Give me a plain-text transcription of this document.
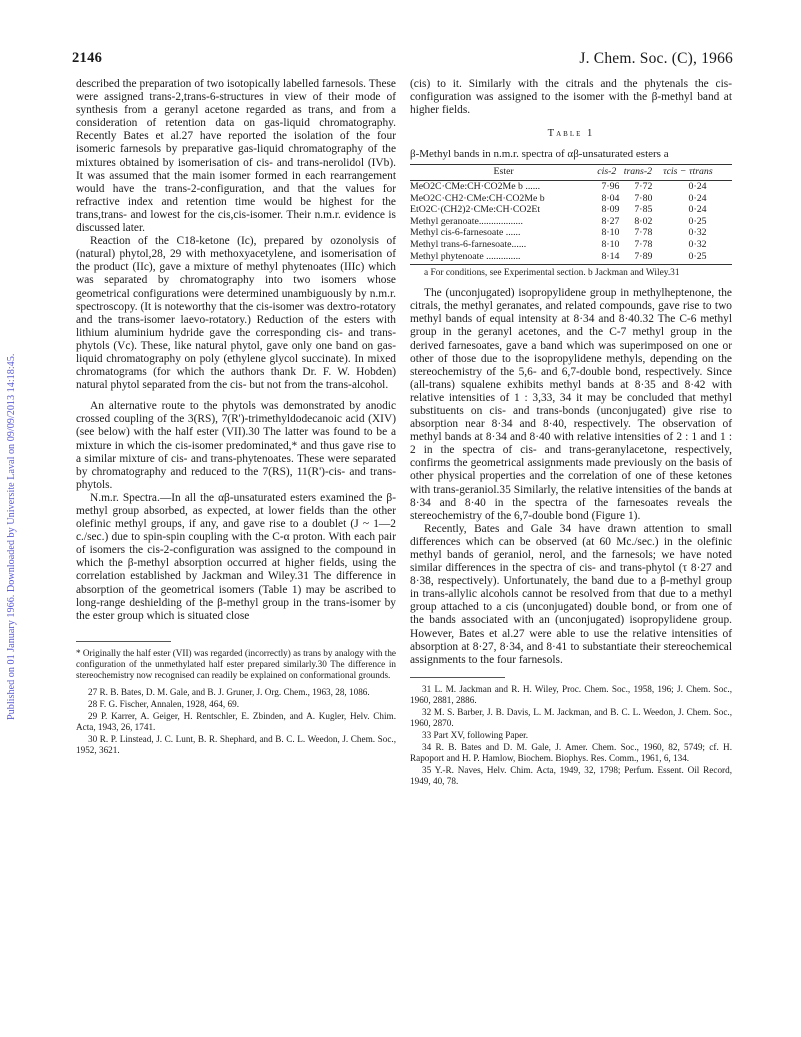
2146	J. Chem. Soc. (C), 1966
Published on 01 January 1966. Downloaded by Universite Laval on 09/09/2013 14:18:45.

described the preparation of two isotopically labelled farnesols. These were assigned trans-2,trans-6-structures in view of their mode of synthesis from a geranyl acetone regarded as trans, and from a consideration of retention data on gas-liquid chromatography. Recently Bates et al.27 have reported the isolation of the four isomeric farnesols by preparative gas-liquid chromatography of the mixtures obtained by isomerisation of cis- and trans-nerolidol (IVb). It was assumed that the main isomer formed in each rearrangement would have the trans-2-configuration, and that the values for refractive index and retention time would be highest for the trans,trans- and lowest for the cis,cis-isomer. Their n.m.r. evidence is discussed later.

Reaction of the C18-ketone (Ic), prepared by ozonolysis of (natural) phytol,28, 29 with methoxyacetylene, and isomerisation of the product (IIc), gave a mixture of methyl phytenoates (IIIc) which was separated by chromatography into two isomers whose geometrical configurations were determined unambiguously by n.m.r. spectroscopy. (It is noteworthy that the cis-isomer was dextro-rotatory and the trans-isomer laevo-rotatory.) Reduction of the esters with lithium aluminium hydride gave the corresponding cis- and trans-phytols (Vc). These, like natural phytol, gave only one band on gas-liquid chromatography on poly (ethylene glycol succinate). In mixed chromatograms (for which the authors thank Dr. F. W. Hobden) natural phytol separated from the cis- but not from the trans-alcohol.

An alternative route to the phytols was demonstrated by anodic crossed coupling of the 3(RS), 7(R')-trimethyldodecanoic acid (XIV) (see below) with the half ester (VII).30 The latter was found to be a mixture in which the cis-isomer predominated,* and thus gave rise to a similar mixture of cis- and trans-phytenoates. These were separated by chromatography and reduced to the 7(RS), 11(R')-cis- and trans-phytols.

N.m.r. Spectra.—In all the αβ-unsaturated esters examined the β-methyl group absorbed, as expected, at lower fields than the other olefinic methyl groups, if any, and gave rise to a doublet (J ~ 1—2 c./sec.) due to spin-spin coupling with the C-α proton. With each pair of isomers the cis-2-configuration was assigned to the compound in which the β-methyl absorption occurred at higher fields, using the correlation established by Jackman and Wiley.31 The difference in absorption of the geometrical isomers (Table 1) may be ascribed to long-range deshielding of the β-methyl group in the trans-isomer by the ester group which is situated close

* Originally the half ester (VII) was regarded (incorrectly) as trans by analogy with the configuration of the unmethylated half ester prepared similarly.30 The difference in stereochemistry now recognised can readily be explained on conformational grounds.

27 R. B. Bates, D. M. Gale, and B. J. Gruner, J. Org. Chem., 1963, 28, 1086.

28 F. G. Fischer, Annalen, 1928, 464, 69.

29 P. Karrer, A. Geiger, H. Rentschler, E. Zbinden, and A. Kugler, Helv. Chim. Acta, 1943, 26, 1741.

30 R. P. Linstead, J. C. Lunt, B. R. Shephard, and B. C. L. Weedon, J. Chem. Soc., 1952, 3621.

(cis) to it. Similarly with the citrals and the phytenals the cis-configuration was assigned to the isomer with the β-methyl band at higher fields.

Table 1

β-Methyl bands in n.m.r. spectra of αβ-unsaturated esters a

Ester	cis-2	trans-2	τcis − τtrans
MeO2C·CMe:CH·CO2Me b ......	7·96	7·72	0·24
MeO2C·CH2·CMe:CH·CO2Me b	8·04	7·80	0·24
EtO2C·(CH2)2·CMe:CH·CO2Et	8·09	7·85	0·24
Methyl geranoate..................	8·27	8·02	0·25
Methyl cis-6-farnesoate ......	8·10	7·78	0·32
Methyl trans-6-farnesoate......	8·10	7·78	0·32
Methyl phytenoate ..............	8·14	7·89	0·25

a For conditions, see Experimental section. b Jackman and Wiley.31

The (unconjugated) isopropylidene group in methylheptenone, the citrals, the methyl geranates, and related compounds, gave rise to two methyl bands of equal intensity at 8·34 and 8·40.32 The C-6 methyl group in the geranyl acetones, and the C-7 methyl group in the derived farnesoates, gave a band which was superimposed on one or other of those due to the isopropylidene methyls, depending on the stereochemistry of the 5,6- and 6,7-double bond, respectively. Since (all-trans) squalene exhibits methyl bands at 8·35 and 8·42 with relative intensities of 1 : 3,33, 34 it may be concluded that methyl substituents on cis- and trans-bonds (unconjugated) give rise to absorption near 8·34 and 8·40, respectively. The observation of methyl bands at 8·34 and 8·40 with relative intensities of 2 : 1 and 1 : 2 in the spectra of cis- and trans-geranylacetone, respectively, confirms the geometrical assignments made previously on the basis of other physical properties and the correlation of one of these ketones with trans-geraniol.35 Similarly, the relative intensities of the bands at 8·34 and 8·40 in the spectra of the farnesoates reveals the stereochemistry of the 6,7-double bond (Figure 1).

Recently, Bates and Gale 34 have drawn attention to small differences which can be observed (at 60 Mc./sec.) in the olefinic methyl bands of geraniol, nerol, and the farnesols; we have noted similar differences in the spectra of cis- and trans-phytol (τ 8·27 and 8·38, respectively). Unfortunately, the band due to a β-methyl group in trans-allylic alcohols cannot be resolved from that due to a methyl group attached to a cis (unconjugated) double bond, or from one of the bands associated with an (unconjugated) isopropylidene group. However, Bates et al.27 were able to use the relative intensities of absorption at 8·27, 8·34, and 8·41 to substantiate their stereochemical assignments to the four farnesols.

31 L. M. Jackman and R. H. Wiley, Proc. Chem. Soc., 1958, 196; J. Chem. Soc., 1960, 2881, 2886.

32 M. S. Barber, J. B. Davis, L. M. Jackman, and B. C. L. Weedon, J. Chem. Soc., 1960, 2870.

33 Part XV, following Paper.

34 R. B. Bates and D. M. Gale, J. Amer. Chem. Soc., 1960, 82, 5749; cf. H. Rapoport and H. P. Hamlow, Biochem. Biophys. Res. Comm., 1961, 6, 134.

35 Y.-R. Naves, Helv. Chim. Acta, 1949, 32, 1798; Perfum. Essent. Oil Record, 1949, 40, 78.
